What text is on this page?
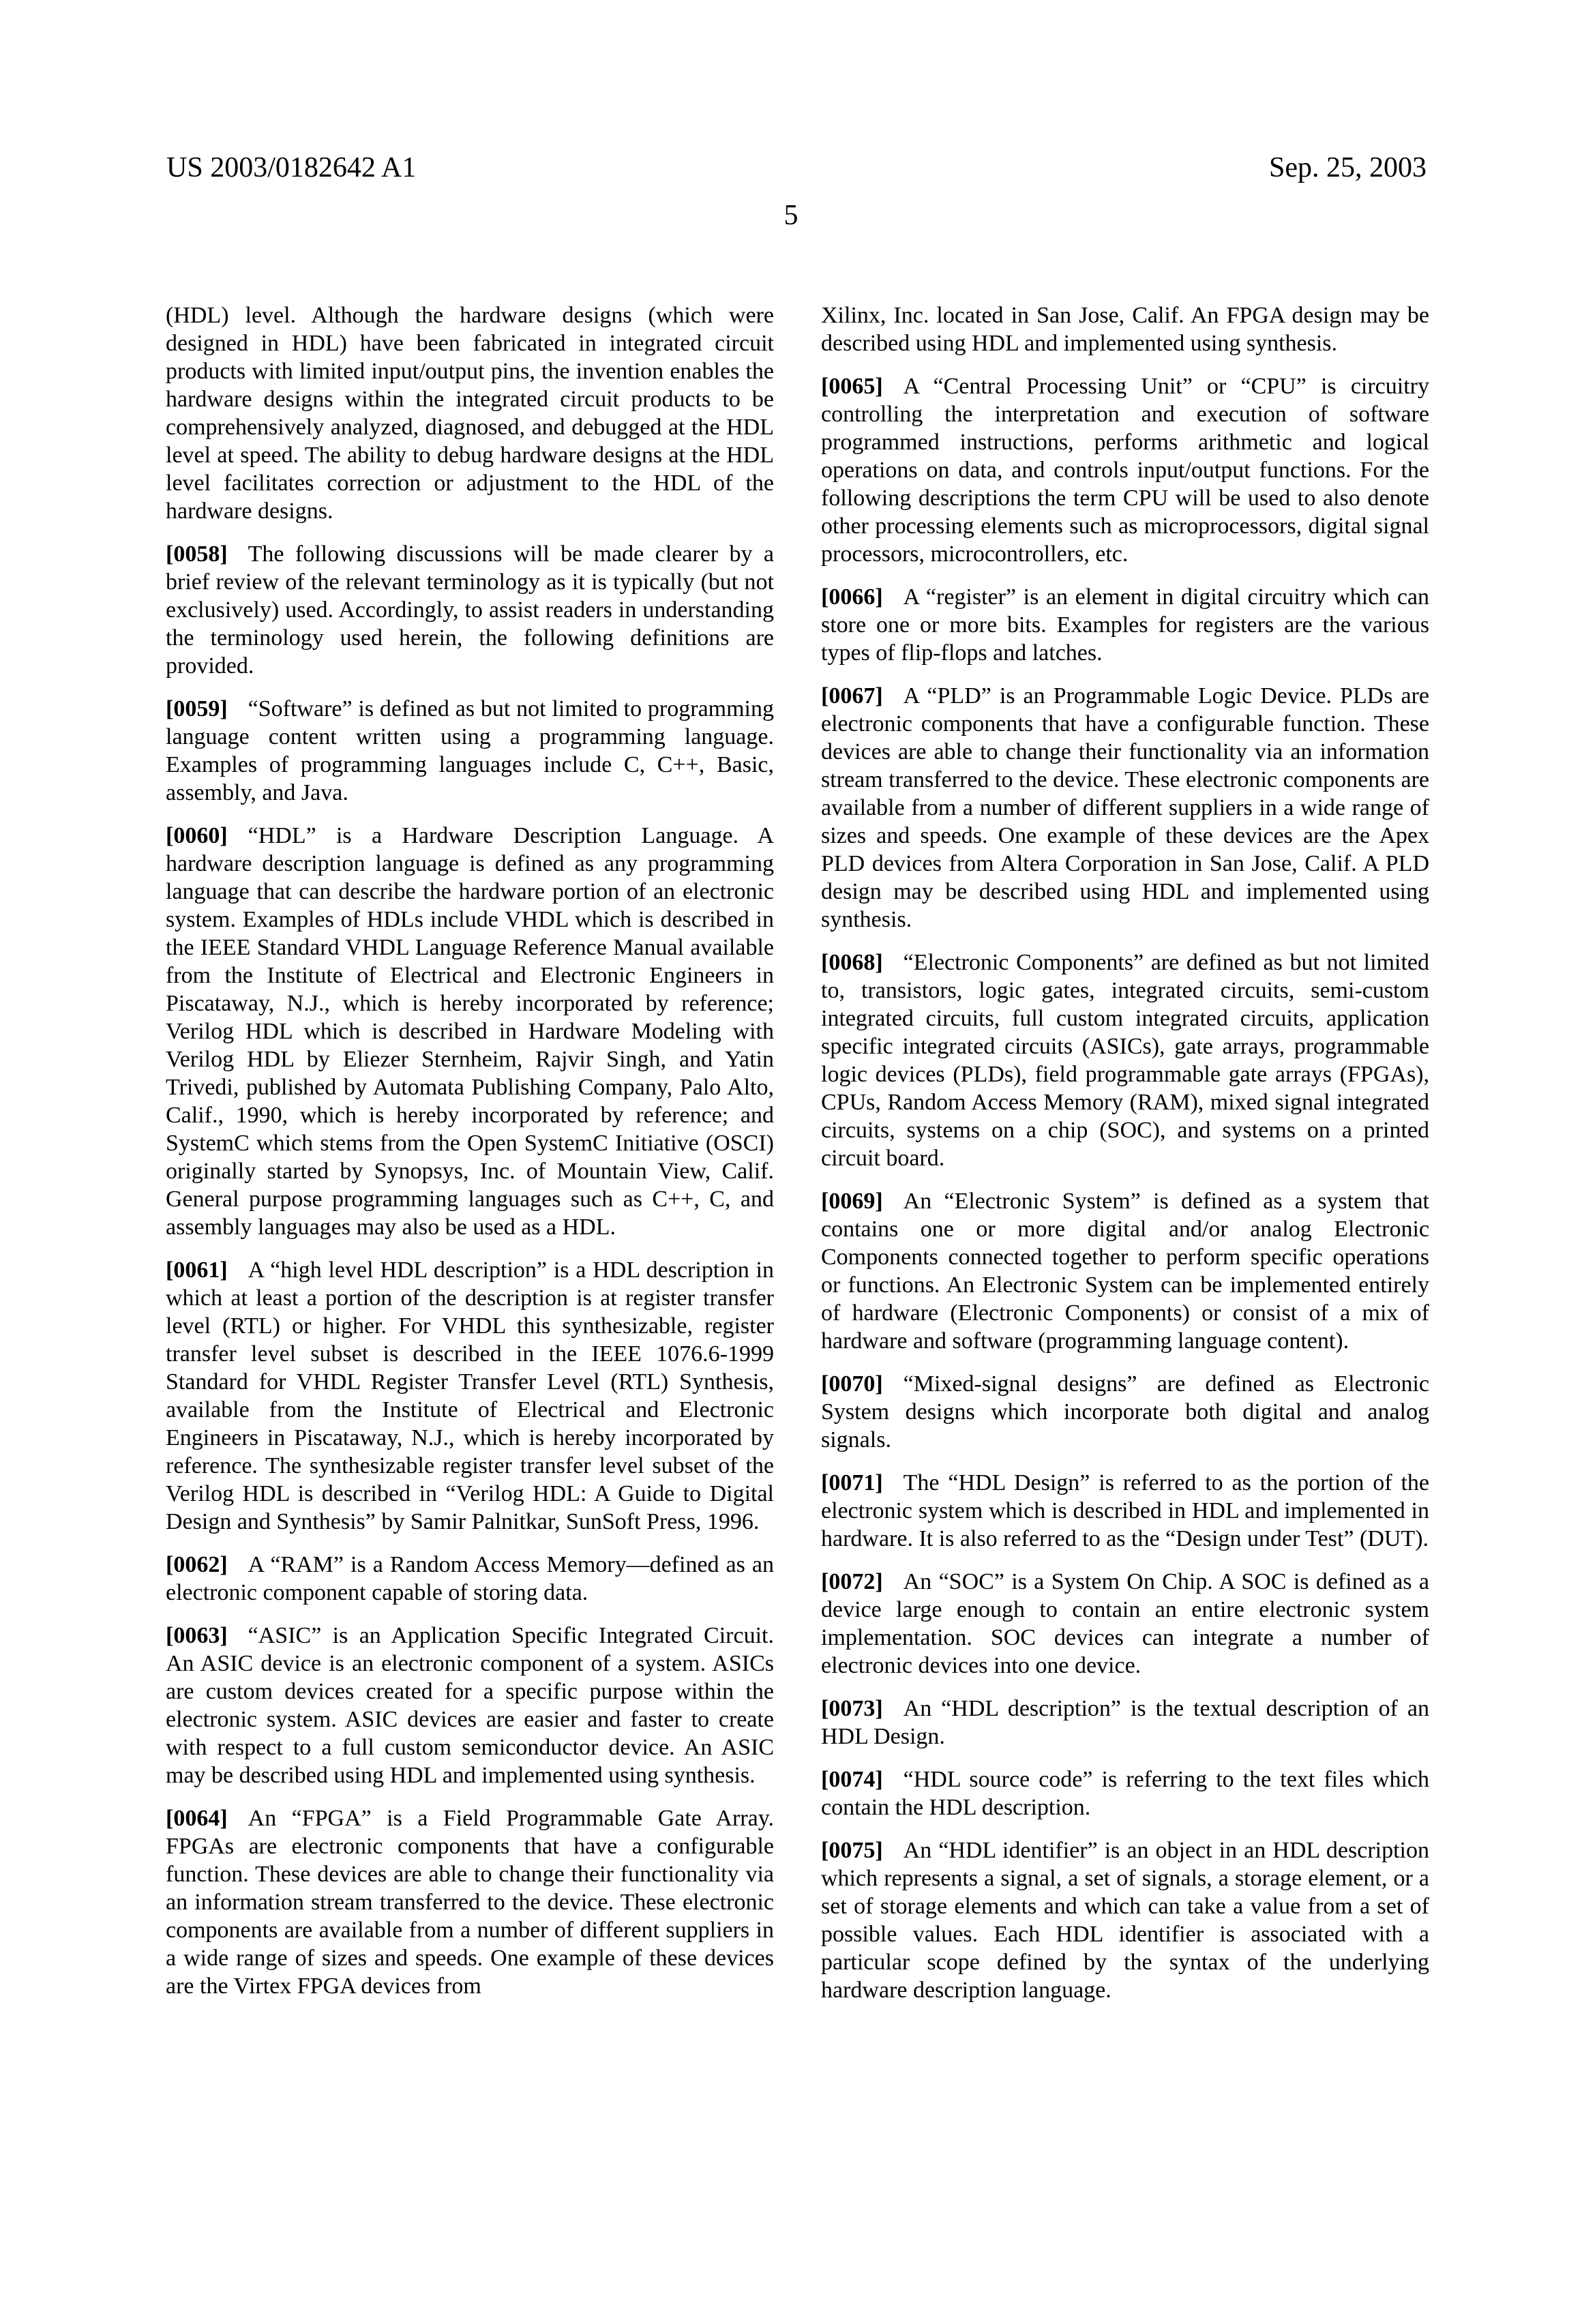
US 2003/0182642 A1	Sep. 25, 2003
5

(HDL) level. Although the hardware designs (which were designed in HDL) have been fabricated in integrated circuit products with limited input/output pins, the invention enables the hardware designs within the integrated circuit products to be comprehensively analyzed, diagnosed, and debugged at the HDL level at speed. The ability to debug hardware designs at the HDL level facilitates correction or adjustment to the HDL of the hardware designs.

[0058] The following discussions will be made clearer by a brief review of the relevant terminology as it is typically (but not exclusively) used. Accordingly, to assist readers in understanding the terminology used herein, the following definitions are provided.

[0059] “Software” is defined as but not limited to programming language content written using a programming language. Examples of programming languages include C, C++, Basic, assembly, and Java.

[0060] “HDL” is a Hardware Description Language. A hardware description language is defined as any programming language that can describe the hardware portion of an electronic system. Examples of HDLs include VHDL which is described in the IEEE Standard VHDL Language Reference Manual available from the Institute of Electrical and Electronic Engineers in Piscataway, N.J., which is hereby incorporated by reference; Verilog HDL which is described in Hardware Modeling with Verilog HDL by Eliezer Sternheim, Rajvir Singh, and Yatin Trivedi, published by Automata Publishing Company, Palo Alto, Calif., 1990, which is hereby incorporated by reference; and SystemC which stems from the Open SystemC Initiative (OSCI) originally started by Synopsys, Inc. of Mountain View, Calif. General purpose programming languages such as C++, C, and assembly languages may also be used as a HDL.

[0061] A “high level HDL description” is a HDL description in which at least a portion of the description is at register transfer level (RTL) or higher. For VHDL this synthesizable, register transfer level subset is described in the IEEE 1076.6-1999 Standard for VHDL Register Transfer Level (RTL) Synthesis, available from the Institute of Electrical and Electronic Engineers in Piscataway, N.J., which is hereby incorporated by reference. The synthesizable register transfer level subset of the Verilog HDL is described in “Verilog HDL: A Guide to Digital Design and Synthesis” by Samir Palnitkar, SunSoft Press, 1996.

[0062] A “RAM” is a Random Access Memory—defined as an electronic component capable of storing data.

[0063] “ASIC” is an Application Specific Integrated Circuit. An ASIC device is an electronic component of a system. ASICs are custom devices created for a specific purpose within the electronic system. ASIC devices are easier and faster to create with respect to a full custom semiconductor device. An ASIC may be described using HDL and implemented using synthesis.

[0064] An “FPGA” is a Field Programmable Gate Array. FPGAs are electronic components that have a configurable function. These devices are able to change their functionality via an information stream transferred to the device. These electronic components are available from a number of different suppliers in a wide range of sizes and speeds. One example of these devices are the Virtex FPGA devices from

Xilinx, Inc. located in San Jose, Calif. An FPGA design may be described using HDL and implemented using synthesis.

[0065] A “Central Processing Unit” or “CPU” is circuitry controlling the interpretation and execution of software programmed instructions, performs arithmetic and logical operations on data, and controls input/output functions. For the following descriptions the term CPU will be used to also denote other processing elements such as microprocessors, digital signal processors, microcontrollers, etc.

[0066] A “register” is an element in digital circuitry which can store one or more bits. Examples for registers are the various types of flip-flops and latches.

[0067] A “PLD” is an Programmable Logic Device. PLDs are electronic components that have a configurable function. These devices are able to change their functionality via an information stream transferred to the device. These electronic components are available from a number of different suppliers in a wide range of sizes and speeds. One example of these devices are the Apex PLD devices from Altera Corporation in San Jose, Calif. A PLD design may be described using HDL and implemented using synthesis.

[0068] “Electronic Components” are defined as but not limited to, transistors, logic gates, integrated circuits, semi-custom integrated circuits, full custom integrated circuits, application specific integrated circuits (ASICs), gate arrays, programmable logic devices (PLDs), field programmable gate arrays (FPGAs), CPUs, Random Access Memory (RAM), mixed signal integrated circuits, systems on a chip (SOC), and systems on a printed circuit board.

[0069] An “Electronic System” is defined as a system that contains one or more digital and/or analog Electronic Components connected together to perform specific operations or functions. An Electronic System can be implemented entirely of hardware (Electronic Components) or consist of a mix of hardware and software (programming language content).

[0070] “Mixed-signal designs” are defined as Electronic System designs which incorporate both digital and analog signals.

[0071] The “HDL Design” is referred to as the portion of the electronic system which is described in HDL and implemented in hardware. It is also referred to as the “Design under Test” (DUT).

[0072] An “SOC” is a System On Chip. A SOC is defined as a device large enough to contain an entire electronic system implementation. SOC devices can integrate a number of electronic devices into one device.

[0073] An “HDL description” is the textual description of an HDL Design.

[0074] “HDL source code” is referring to the text files which contain the HDL description.

[0075] An “HDL identifier” is an object in an HDL description which represents a signal, a set of signals, a storage element, or a set of storage elements and which can take a value from a set of possible values. Each HDL identifier is associated with a particular scope defined by the syntax of the underlying hardware description language.
